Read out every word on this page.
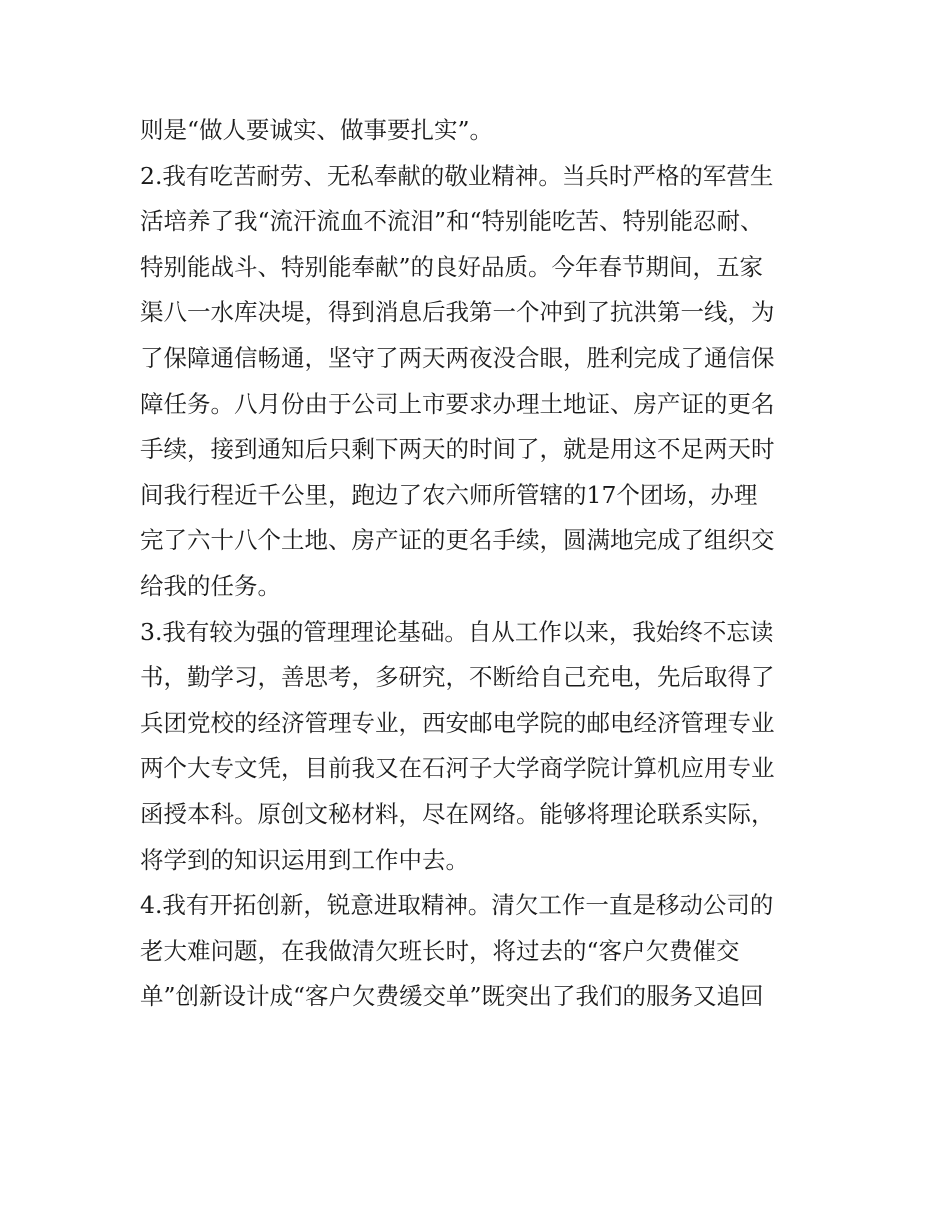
则是“做人要诚实、做事要扎实”。
2.我有吃苦耐劳、无私奉献的敬业精神。当兵时严格的军营生
活培养了我“流汗流血不流泪”和“特别能吃苦、特别能忍耐、
特别能战斗、特别能奉献”的良好品质。今年春节期间，五家
渠八一水库决堤，得到消息后我第一个冲到了抗洪第一线，为
了保障通信畅通，坚守了两天两夜没合眼，胜利完成了通信保
障任务。八月份由于公司上市要求办理土地证、房产证的更名
手续，接到通知后只剩下两天的时间了，就是用这不足两天时
间我行程近千公里，跑边了农六师所管辖的17个团场，办理
完了六十八个土地、房产证的更名手续，圆满地完成了组织交
给我的任务。
3.我有较为强的管理理论基础。自从工作以来，我始终不忘读
书，勤学习，善思考，多研究，不断给自己充电，先后取得了
兵团党校的经济管理专业，西安邮电学院的邮电经济管理专业
两个大专文凭，目前我又在石河子大学商学院计算机应用专业
函授本科。原创文秘材料，尽在网络。能够将理论联系实际，
将学到的知识运用到工作中去。
4.我有开拓创新，锐意进取精神。清欠工作一直是移动公司的
老大难问题，在我做清欠班长时，将过去的“客户欠费催交
单”创新设计成“客户欠费缓交单”既突出了我们的服务又追回
